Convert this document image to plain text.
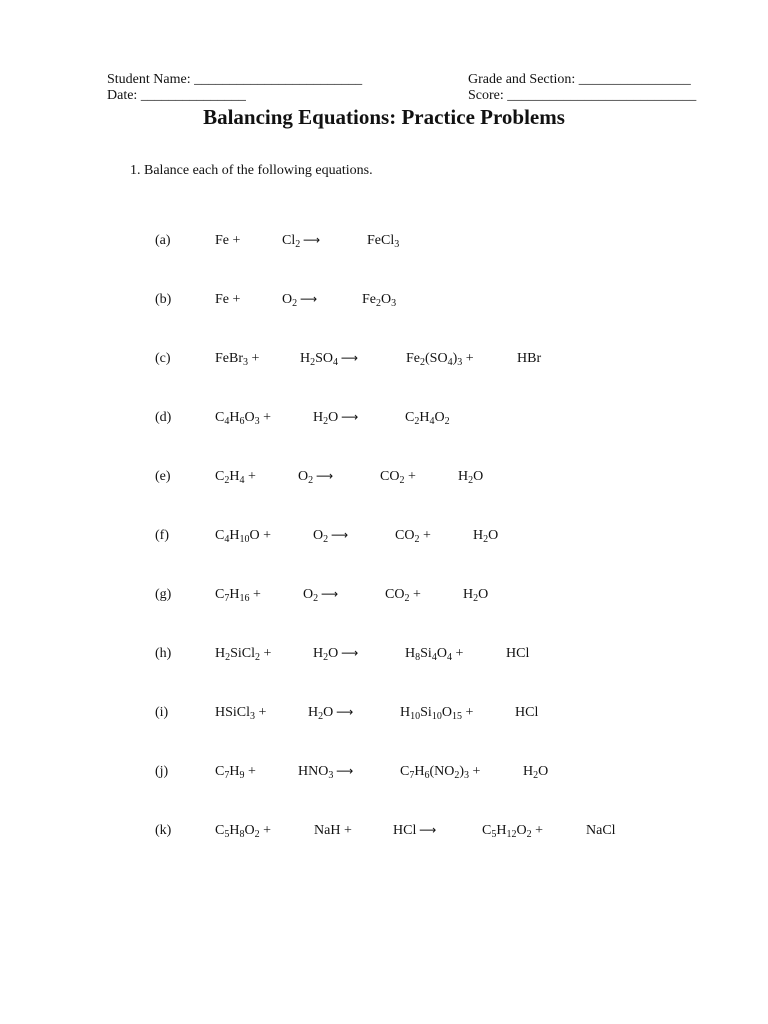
Student Name: ________________________
Date: _______________
Grade and Section: ________________
Score: ___________________________
Balancing Equations: Practice Problems
1. Balance each of the following equations.
(a)	Fe +	$Cl_2$ ⟶	FeCl$_3$
(b)	Fe +	$O_2$ ⟶	$Fe_2O_3$
(c)	FeBr$_3$ +	$H_2SO_4$ ⟶	$Fe_2(SO_4)_3$ +	HBr
(d)	$C_4H_6O_3$ +	$H_2O$ ⟶	$C_2H_4O_2$
(e)	$C_2H_4$ +	$O_2$ ⟶	$CO_2$ +	$H_2O$
(f)	$C_4H_{10}O$ +	$O_2$ ⟶	$CO_2$ +	$H_2O$
(g)	$C_7H_{16}$ +	$O_2$ ⟶	$CO_2$ +	$H_2O$
(h)	$H_2SiCl_2$ +	$H_2O$ ⟶	$H_8Si_4O_4$ +	HCl
(i)	HSiCl$_3$ +	$H_2O$ ⟶	$H_{10}Si_{10}O_{15}$ +	HCl
(j)	$C_7H_9$ +	$HNO_3$ ⟶	$C_7H_6(NO_2)_3$ +	$H_2O$
(k)	$C_5H_8O_2$ +	NaH +	HCl ⟶	$C_5H_{12}O_2$ +	NaCl
